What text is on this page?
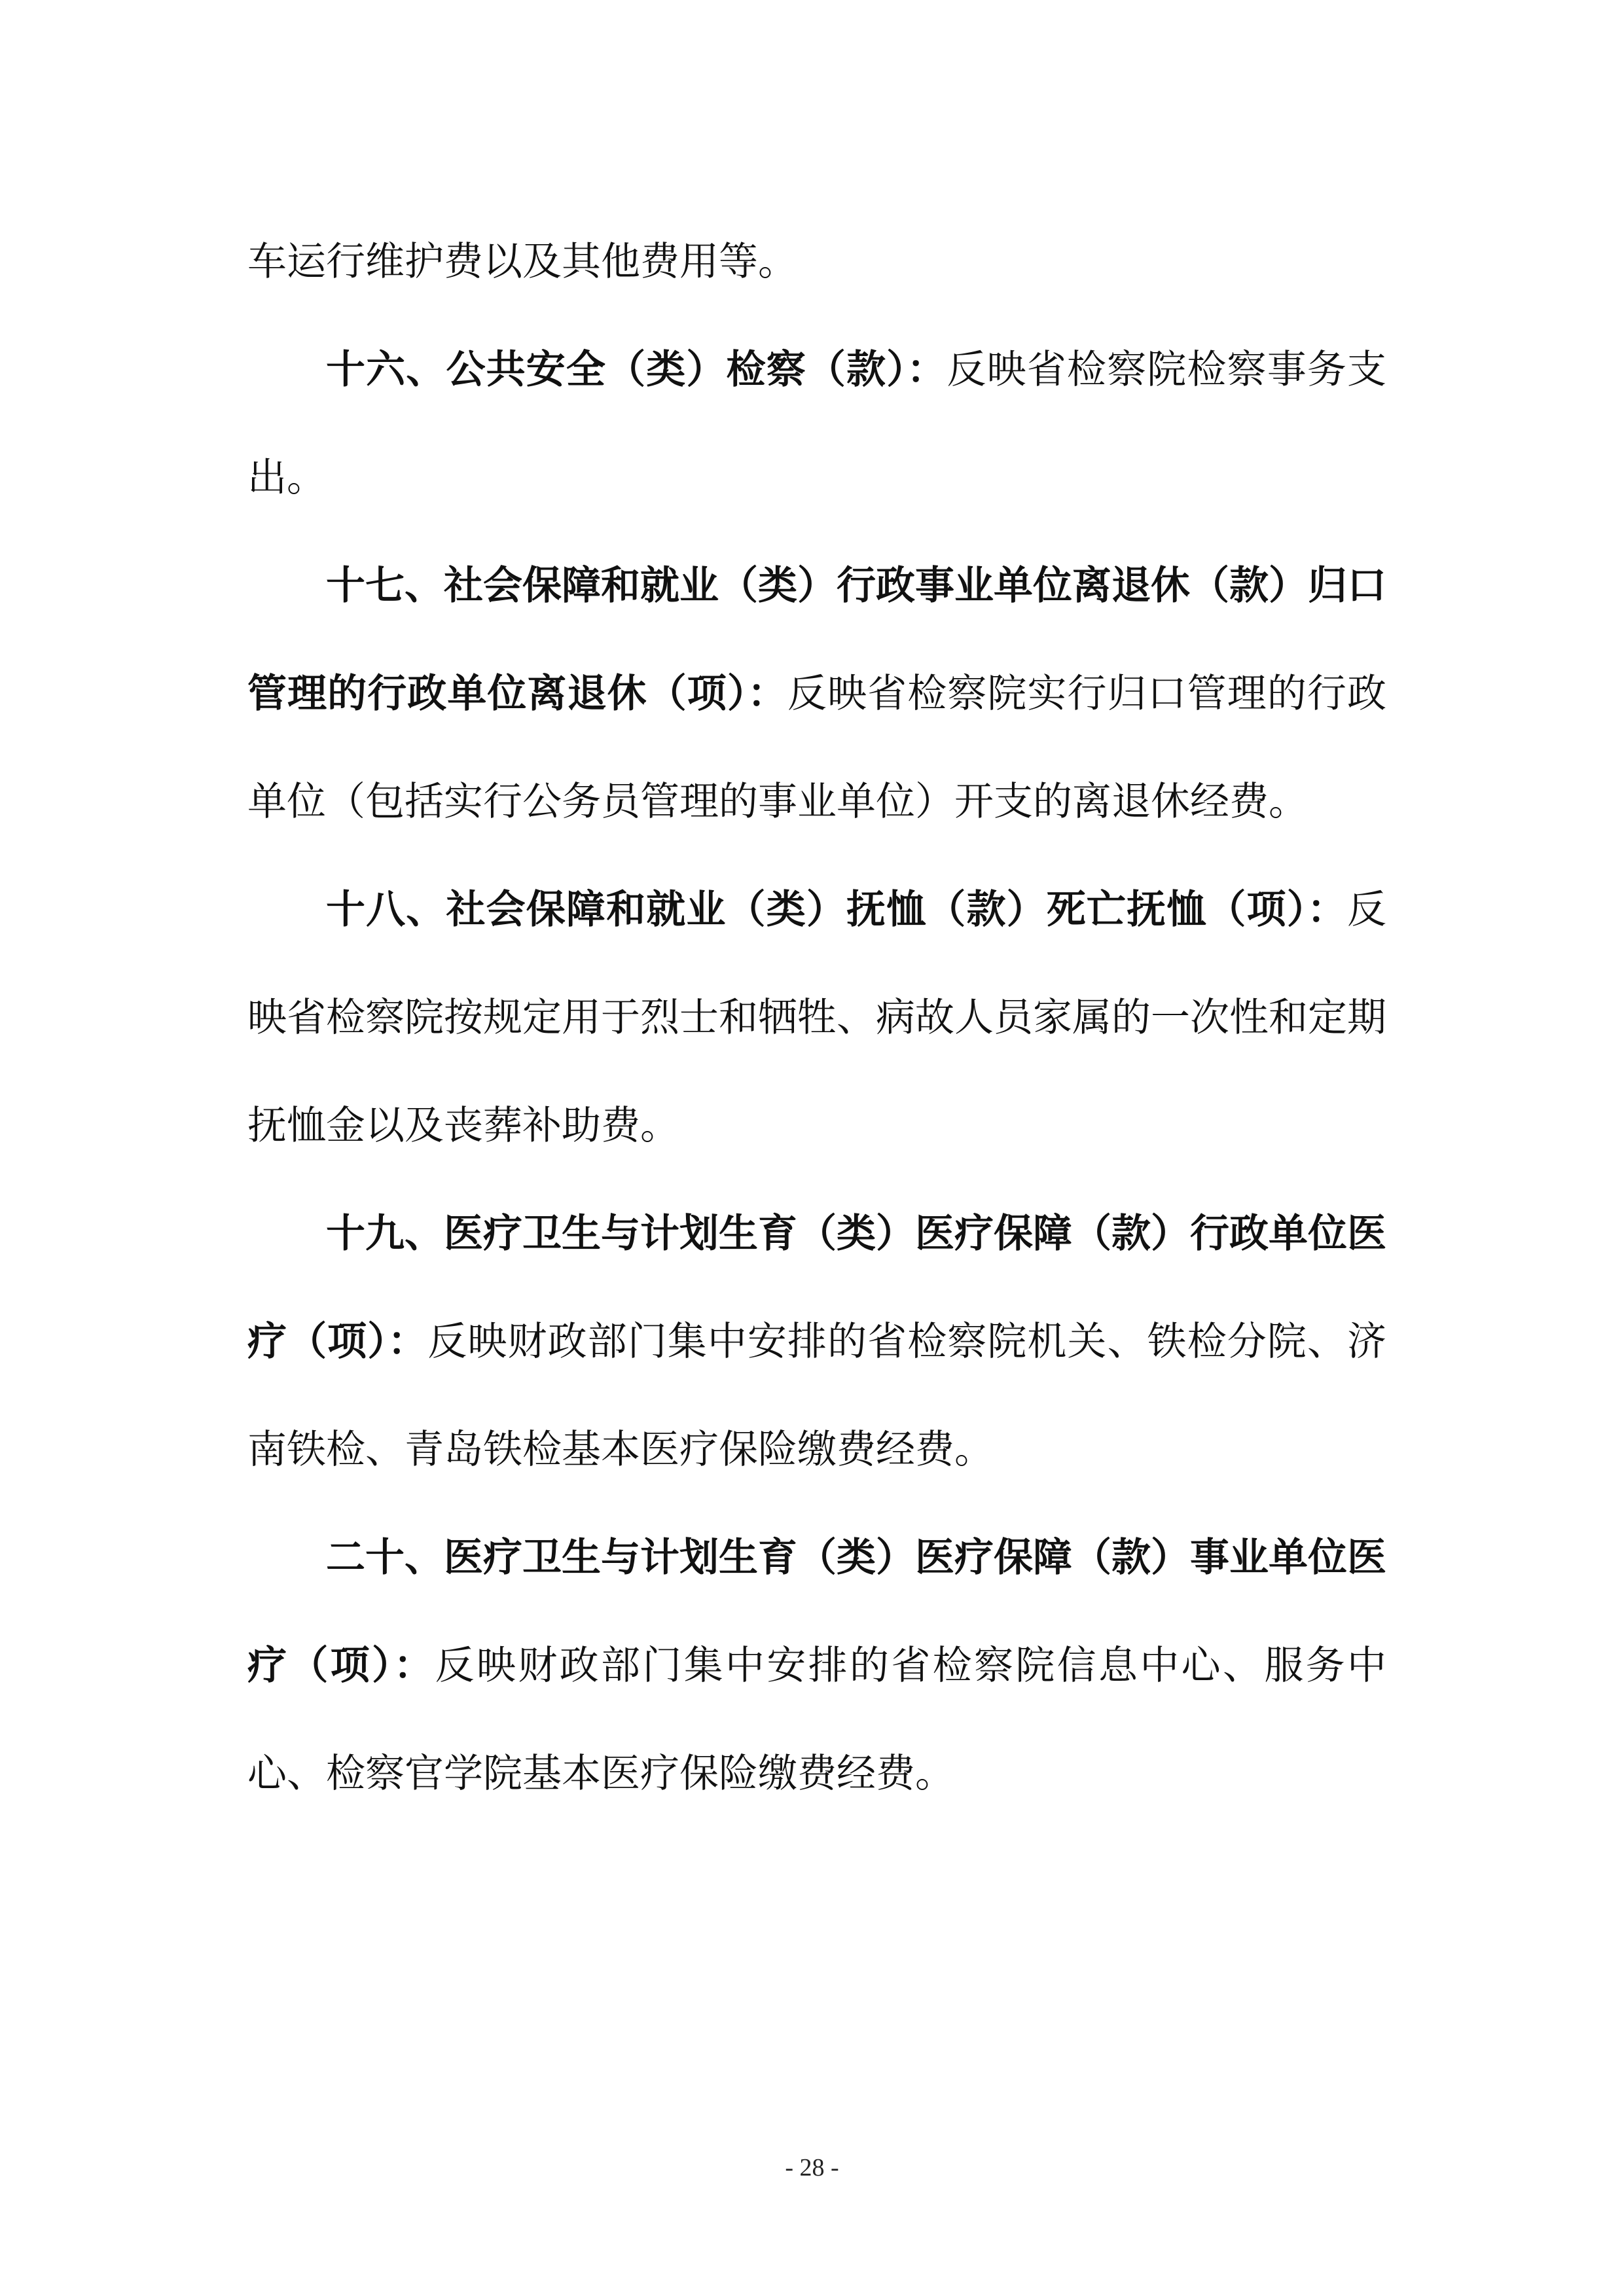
车运行维护费以及其他费用等。

十六、公共安全（类）检察（款）：反映省检察院检察事务支出。

十七、社会保障和就业（类）行政事业单位离退休（款）归口管理的行政单位离退休（项）：反映省检察院实行归口管理的行政单位（包括实行公务员管理的事业单位）开支的离退休经费。

十八、社会保障和就业（类）抚恤（款）死亡抚恤（项）：反映省检察院按规定用于烈士和牺牲、病故人员家属的一次性和定期抚恤金以及丧葬补助费。

十九、医疗卫生与计划生育（类）医疗保障（款）行政单位医疗（项）：反映财政部门集中安排的省检察院机关、铁检分院、济南铁检、青岛铁检基本医疗保险缴费经费。

二十、医疗卫生与计划生育（类）医疗保障（款）事业单位医疗（项）：反映财政部门集中安排的省检察院信息中心、服务中心、检察官学院基本医疗保险缴费经费。

- 28 -
